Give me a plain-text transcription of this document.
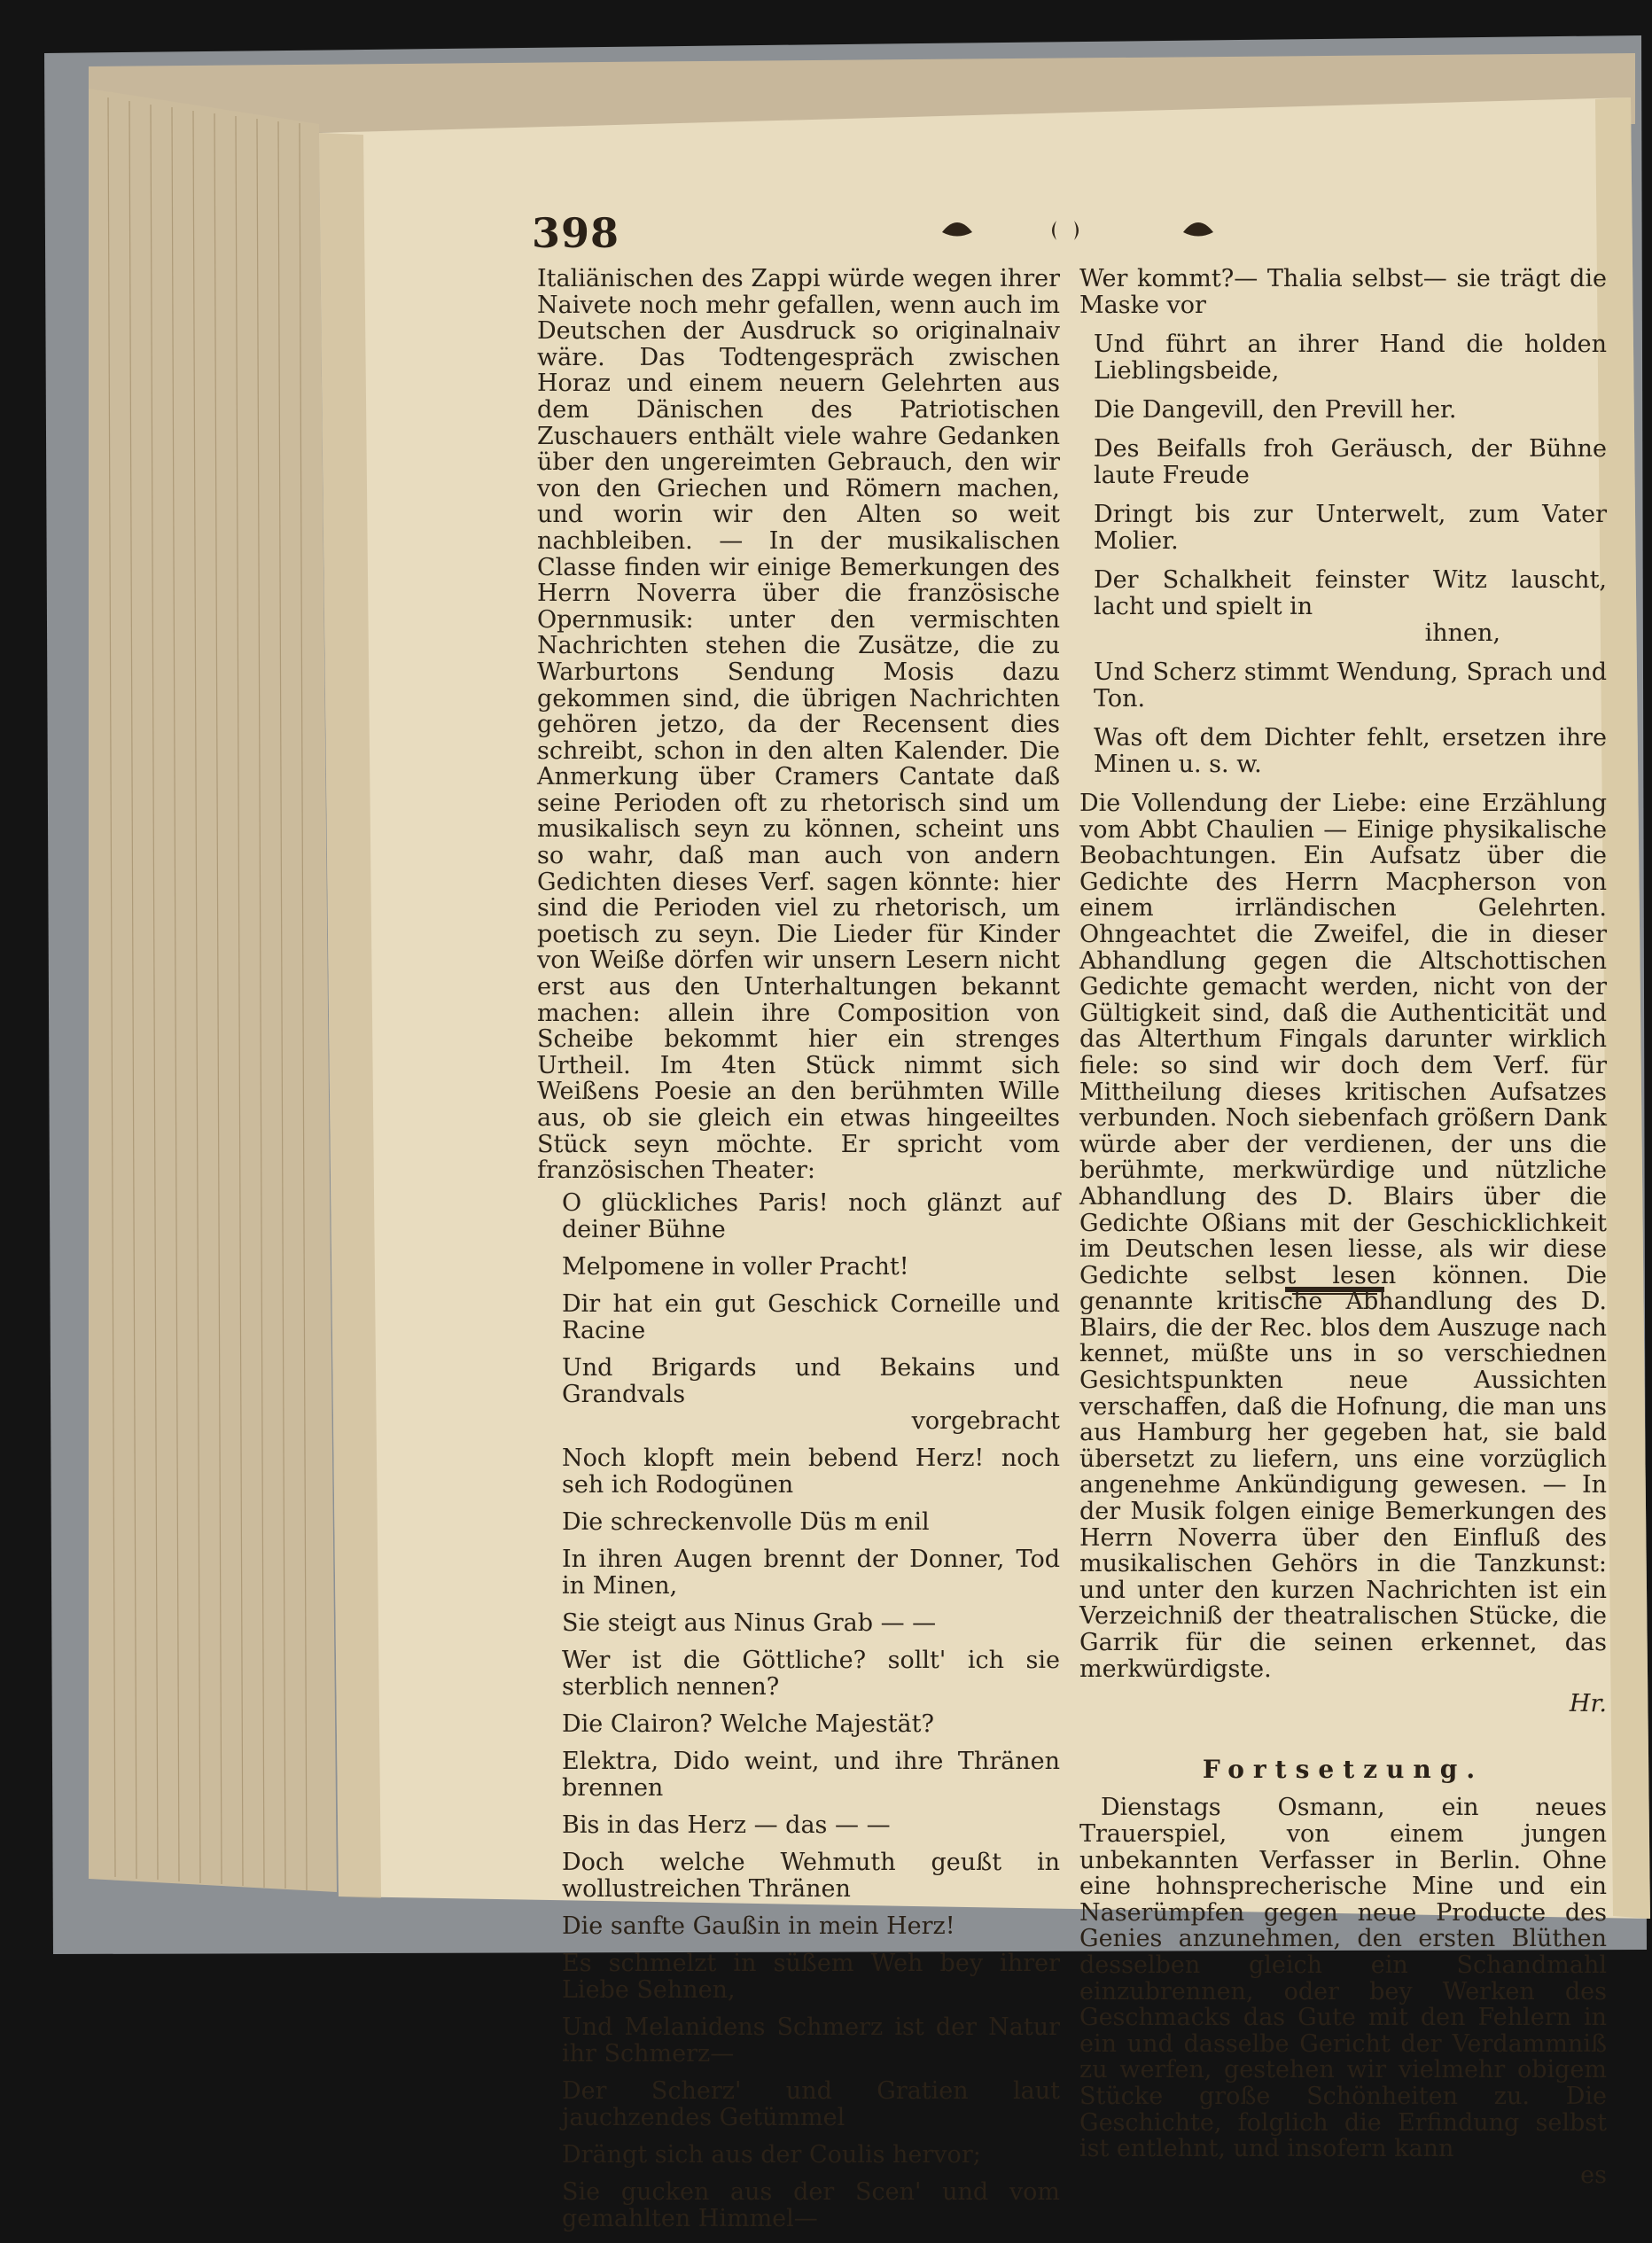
398

Italiänischen des Zappi würde wegen ihrer Naivete noch mehr gefallen, wenn auch im Deutschen der Ausdruck so originalnaiv wäre. Das Todtengespräch zwischen Horaz und einem neuern Gelehrten aus dem Dänischen des Patriotischen Zuschauers enthält viele wahre Gedanken über den ungereimten Gebrauch, den wir von den Griechen und Römern machen, und worin wir den Alten so weit nachbleiben. — In der musikalischen Classe finden wir einige Bemerkungen des Herrn Noverra über die französische Opernmusik: unter den vermischten Nachrichten stehen die Zusätze, die zu Warburtons Sendung Mosis dazu gekommen sind, die übrigen Nachrichten gehören jetzo, da der Recensent dies schreibt, schon in den alten Kalender. Die Anmerkung über Cramers Cantate daß seine Perioden oft zu rhetorisch sind um musikalisch seyn zu können, scheint uns so wahr, daß man auch von andern Gedichten dieses Verf. sagen könnte: hier sind die Perioden viel zu rhetorisch, um poetisch zu seyn. Die Lieder für Kinder von Weiße dörfen wir unsern Lesern nicht erst aus den Unterhaltungen bekannt machen: allein ihre Composition von Scheibe bekommt hier ein strenges Urtheil. Im 4ten Stück nimmt sich Weißens Poesie an den berühmten Wille aus, ob sie gleich ein etwas hingeeiltes Stück seyn möchte. Er spricht vom französischen Theater:

O glückliches Paris! noch glänzt auf deiner Bühne
Melpomene in voller Pracht!
Dir hat ein gut Geschick Corneille und Racine
Und Brigards und Bekains und Grandvals
vorgebracht
Noch klopft mein bebend Herz! noch seh ich Rodogünen
Die schreckenvolle Düs m enil
In ihren Augen brennt der Donner, Tod in Minen,
Sie steigt aus Ninus Grab — —
Wer ist die Göttliche? sollt' ich sie sterblich nennen?
Die Clairon? Welche Majestät?
Elektra, Dido weint, und ihre Thränen brennen
Bis in das Herz — das — —
Doch welche Wehmuth geußt in wollustreichen Thränen
Die sanfte Gaußin in mein Herz!
Es schmelzt in süßem Weh bey ihrer Liebe Sehnen,
Und Melanidens Schmerz ist der Natur ihr Schmerz—
Der Scherz' und Gratien laut jauchzendes Getümmel
Drängt sich aus der Coulis hervor;
Sie gucken aus der Scen' und vom gemahlten Himmel—
Wer kommt?— Thalia selbst— sie trägt die Maske vor
Und führt an ihrer Hand die holden Lieblingsbeide,
Die Dangevill, den Previll her.
Des Beifalls froh Geräusch, der Bühne laute Freude
Dringt bis zur Unterwelt, zum Vater Molier.
Der Schalkheit feinster Witz lauscht, lacht und spielt in
ihnen,
Und Scherz stimmt Wendung, Sprach und Ton.
Was oft dem Dichter fehlt, ersetzen ihre Minen u. s. w.

Die Vollendung der Liebe: eine Erzählung vom Abbt Chaulien — Einige physikalische Beobachtungen. Ein Aufsatz über die Gedichte des Herrn Macpherson von einem irrländischen Gelehrten. Ohngeachtet die Zweifel, die in dieser Abhandlung gegen die Altschottischen Gedichte gemacht werden, nicht von der Gültigkeit sind, daß die Authenticität und das Alterthum Fingals darunter wirklich fiele: so sind wir doch dem Verf. für Mittheilung dieses kritischen Aufsatzes verbunden. Noch siebenfach größern Dank würde aber der verdienen, der uns die berühmte, merkwürdige und nützliche Abhandlung des D. Blairs über die Gedichte Oßians mit der Geschicklichkeit im Deutschen lesen liesse, als wir diese Gedichte selbst lesen können. Die genannte kritische Abhandlung des D. Blairs, die der Rec. blos dem Auszuge nach kennet, müßte uns in so verschiednen Gesichtspunkten neue Aussichten verschaffen, daß die Hofnung, die man uns aus Hamburg her gegeben hat, sie bald übersetzt zu liefern, uns eine vorzüglich angenehme Ankündigung gewesen. — In der Musik folgen einige Bemerkungen des Herrn Noverra über den Einfluß des musikalischen Gehörs in die Tanzkunst: und unter den kurzen Nachrichten ist ein Verzeichniß der theatralischen Stücke, die Garrik für die seinen erkennet, das merkwürdigste.

Hr.
Fortsetzung.

Dienstags Osmann, ein neues Trauerspiel, von einem jungen unbekannten Verfasser in Berlin. Ohne eine hohnsprecherische Mine und ein Naserümpfen gegen neue Producte des Genies anzunehmen, den ersten Blüthen desselben gleich ein Schandmahl einzubrennen, oder bey Werken des Geschmacks das Gute mit den Fehlern in ein und dasselbe Gericht der Verdammniß zu werfen, gestehen wir vielmehr obigem Stücke große Schönheiten zu. Die Geschichte, folglich die Erfindung selbst ist entlehnt, und insofern kann

es
